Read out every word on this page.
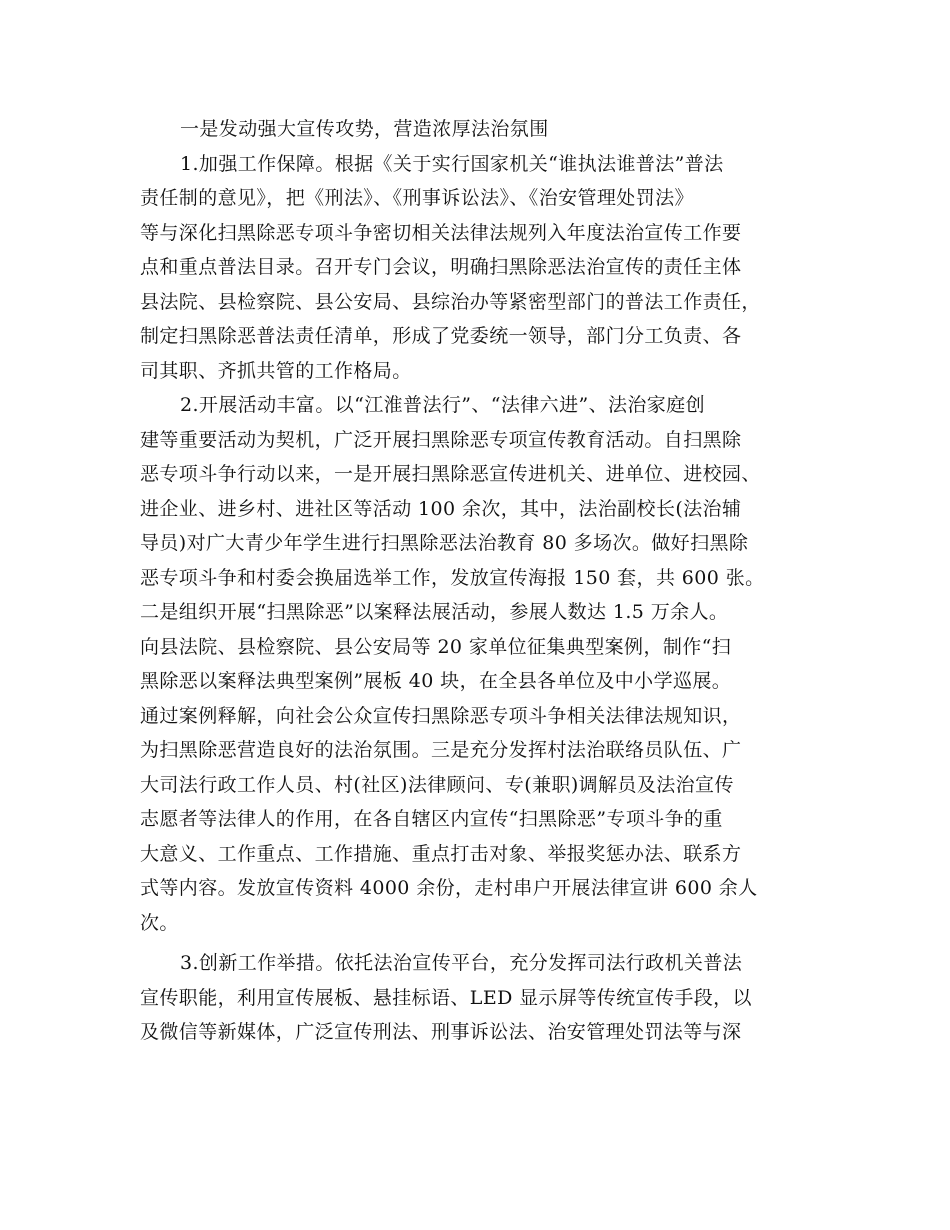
一是发动强大宣传攻势，营造浓厚法治氛围
1.加强工作保障。根据《关于实行国家机关“谁执法谁普法”普法
责任制的意见》，把《刑法》、《刑事诉讼法》、《治安管理处罚法》
等与深化扫黑除恶专项斗争密切相关法律法规列入年度法治宣传工作要
点和重点普法目录。召开专门会议，明确扫黑除恶法治宣传的责任主体
县法院、县检察院、县公安局、县综治办等紧密型部门的普法工作责任，
制定扫黑除恶普法责任清单，形成了党委统一领导，部门分工负责、各
司其职、齐抓共管的工作格局。
2.开展活动丰富。以“江淮普法行”、“法律六进”、法治家庭创
建等重要活动为契机，广泛开展扫黑除恶专项宣传教育活动。自扫黑除
恶专项斗争行动以来，一是开展扫黑除恶宣传进机关、进单位、进校园、
进企业、进乡村、进社区等活动 100 余次，其中，法治副校长(法治辅
导员)对广大青少年学生进行扫黑除恶法治教育 80 多场次。做好扫黑除
恶专项斗争和村委会换届选举工作，发放宣传海报 150 套，共 600 张。
二是组织开展“扫黑除恶”以案释法展活动，参展人数达 1.5 万余人。
向县法院、县检察院、县公安局等 20 家单位征集典型案例，制作“扫
黑除恶以案释法典型案例”展板 40 块，在全县各单位及中小学巡展。
通过案例释解，向社会公众宣传扫黑除恶专项斗争相关法律法规知识，
为扫黑除恶营造良好的法治氛围。三是充分发挥村法治联络员队伍、广
大司法行政工作人员、村(社区)法律顾问、专(兼职)调解员及法治宣传
志愿者等法律人的作用，在各自辖区内宣传“扫黑除恶”专项斗争的重
大意义、工作重点、工作措施、重点打击对象、举报奖惩办法、联系方
式等内容。发放宣传资料 4000 余份，走村串户开展法律宣讲 600 余人
次。
3.创新工作举措。依托法治宣传平台，充分发挥司法行政机关普法
宣传职能，利用宣传展板、悬挂标语、LED 显示屏等传统宣传手段，以
及微信等新媒体，广泛宣传刑法、刑事诉讼法、治安管理处罚法等与深
